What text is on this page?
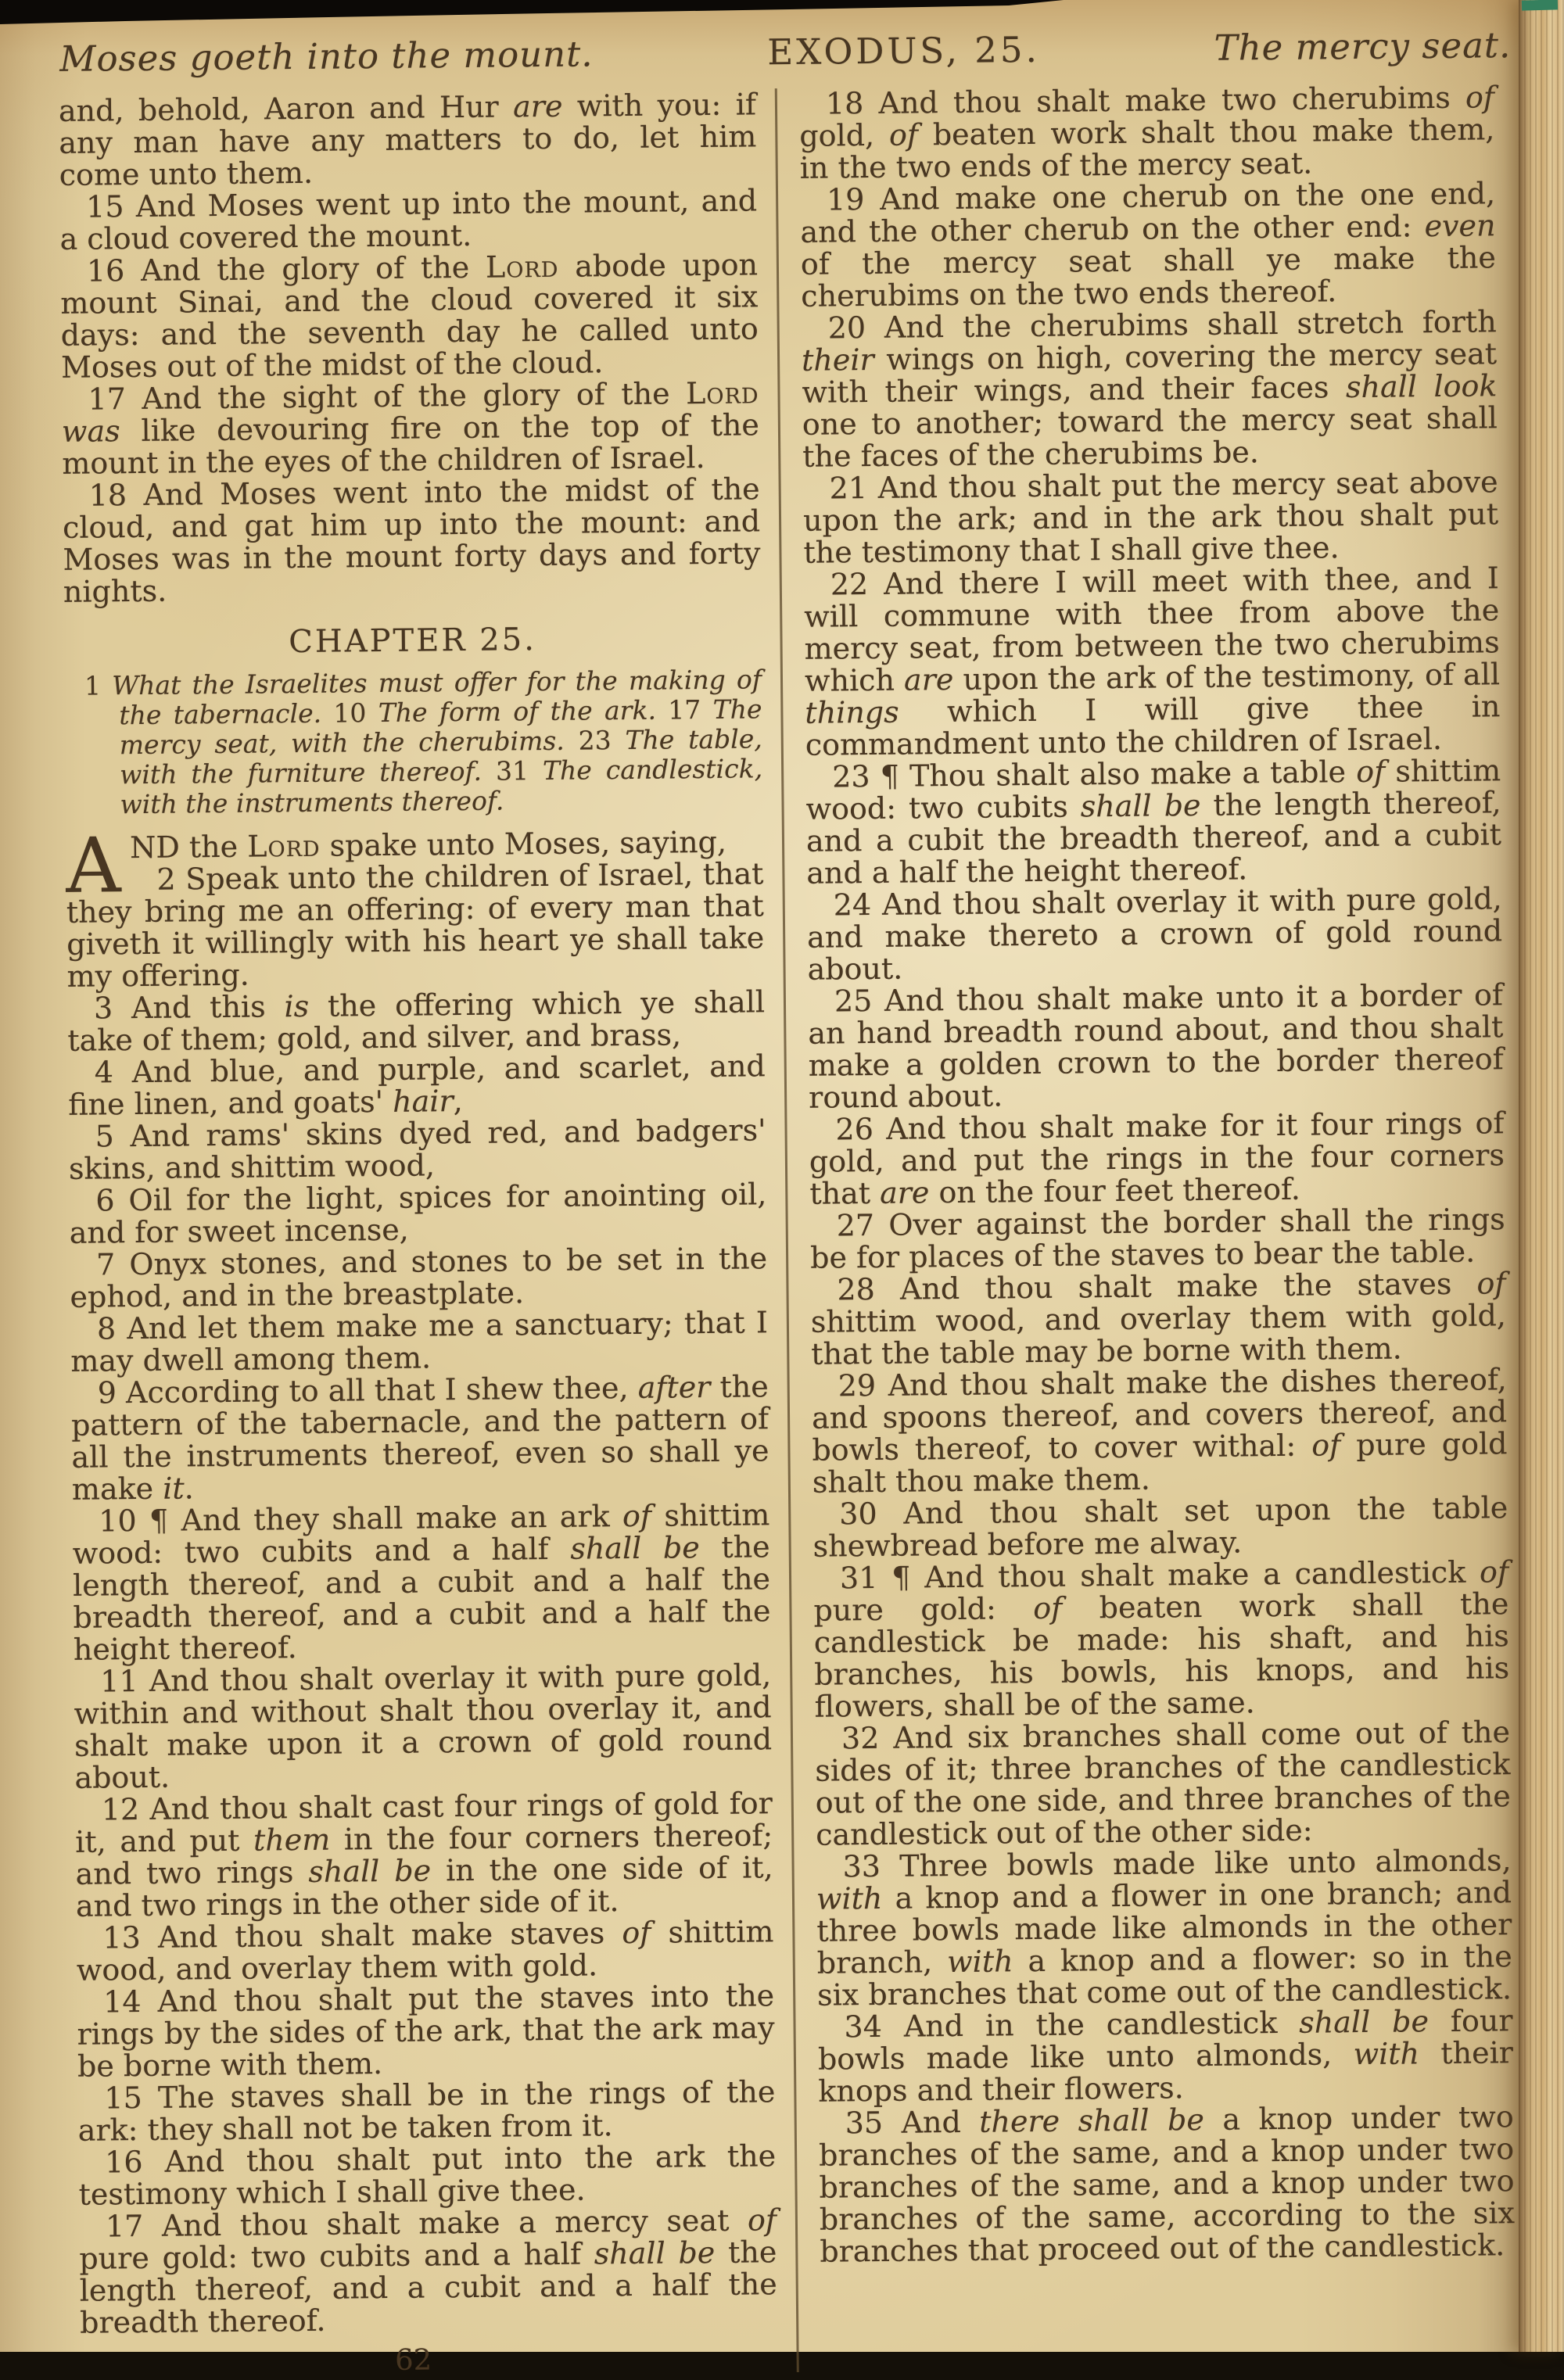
Moses goeth into the mount.	EXODUS, 25.	The mercy seat.

and, behold, Aaron and Hur are with you: if any man have any matters to do, let him come unto them.

15 And Moses went up into the mount, and a cloud covered the mount.

16 And the glory of the Lord abode upon mount Sinai, and the cloud covered it six days: and the seventh day he called unto Moses out of the midst of the cloud.

17 And the sight of the glory of the Lord was like devouring fire on the top of the mount in the eyes of the children of Israel.

18 And Moses went into the midst of the cloud, and gat him up into the mount: and Moses was in the mount forty days and forty nights.

CHAPTER 25.
1 What the Israelites must offer for the making of the tabernacle. 10 The form of the ark. 17 The mercy seat, with the cherubims. 23 The table, with the furniture thereof. 31 The candlestick, with the instruments thereof.
A ND the Lord spake unto Moses, saying,

2 Speak unto the children of Israel, that they bring me an offering: of every man that giveth it willingly with his heart ye shall take my offering.

3 And this is the offering which ye shall take of them; gold, and silver, and brass,

4 And blue, and purple, and scarlet, and fine linen, and goats' hair,

5 And rams' skins dyed red, and badgers' skins, and shittim wood,

6 Oil for the light, spices for anointing oil, and for sweet incense,

7 Onyx stones, and stones to be set in the ephod, and in the breastplate.

8 And let them make me a sanctuary; that I may dwell among them.

9 According to all that I shew thee, after the pattern of the tabernacle, and the pattern of all the instruments thereof, even so shall ye make it.

10 ¶ And they shall make an ark of shittim wood: two cubits and a half shall be the length thereof, and a cubit and a half the breadth thereof, and a cubit and a half the height thereof.

11 And thou shalt overlay it with pure gold, within and without shalt thou overlay it, and shalt make upon it a crown of gold round about.

12 And thou shalt cast four rings of gold for it, and put them in the four corners thereof; and two rings shall be in the one side of it, and two rings in the other side of it.

13 And thou shalt make staves of shittim wood, and overlay them with gold.

14 And thou shalt put the staves into the rings by the sides of the ark, that the ark may be borne with them.

15 The staves shall be in the rings of the ark: they shall not be taken from it.

16 And thou shalt put into the ark the testimony which I shall give thee.

17 And thou shalt make a mercy seat of pure gold: two cubits and a half shall be the length thereof, and a cubit and a half the breadth thereof.

62

18 And thou shalt make two cherubims of gold, of beaten work shalt thou make them, in the two ends of the mercy seat.

19 And make one cherub on the one end, and the other cherub on the other end: even of the mercy seat shall ye make the cherubims on the two ends thereof.

20 And the cherubims shall stretch forth their wings on high, covering the mercy seat with their wings, and their faces shall look one to another; toward the mercy seat shall the faces of the cherubims be.

21 And thou shalt put the mercy seat above upon the ark; and in the ark thou shalt put the testimony that I shall give thee.

22 And there I will meet with thee, and I will commune with thee from above the mercy seat, from between the two cherubims which are upon the ark of the testimony, of all things which I will give thee in commandment unto the children of Israel.

23 ¶ Thou shalt also make a table of shittim wood: two cubits shall be the length thereof, and a cubit the breadth thereof, and a cubit and a half the height thereof.

24 And thou shalt overlay it with pure gold, and make thereto a crown of gold round about.

25 And thou shalt make unto it a border of an hand breadth round about, and thou shalt make a golden crown to the border thereof round about.

26 And thou shalt make for it four rings of gold, and put the rings in the four corners that are on the four feet thereof.

27 Over against the border shall the rings be for places of the staves to bear the table.

28 And thou shalt make the staves of shittim wood, and overlay them with gold, that the table may be borne with them.

29 And thou shalt make the dishes thereof, and spoons thereof, and covers thereof, and bowls thereof, to cover withal: of pure gold shalt thou make them.

30 And thou shalt set upon the table shewbread before me alway.

31 ¶ And thou shalt make a candlestick of pure gold: of beaten work shall the candlestick be made: his shaft, and his branches, his bowls, his knops, and his flowers, shall be of the same.

32 And six branches shall come out of the sides of it; three branches of the candlestick out of the one side, and three branches of the candlestick out of the other side:

33 Three bowls made like unto almonds, with a knop and a flower in one branch; and three bowls made like almonds in the other branch, with a knop and a flower: so in the six branches that come out of the candlestick.

34 And in the candlestick shall be four bowls made like unto almonds, with their knops and their flowers.

35 And there shall be a knop under two branches of the same, and a knop under two branches of the same, and a knop under two branches of the same, according to the six branches that proceed out of the candlestick.
